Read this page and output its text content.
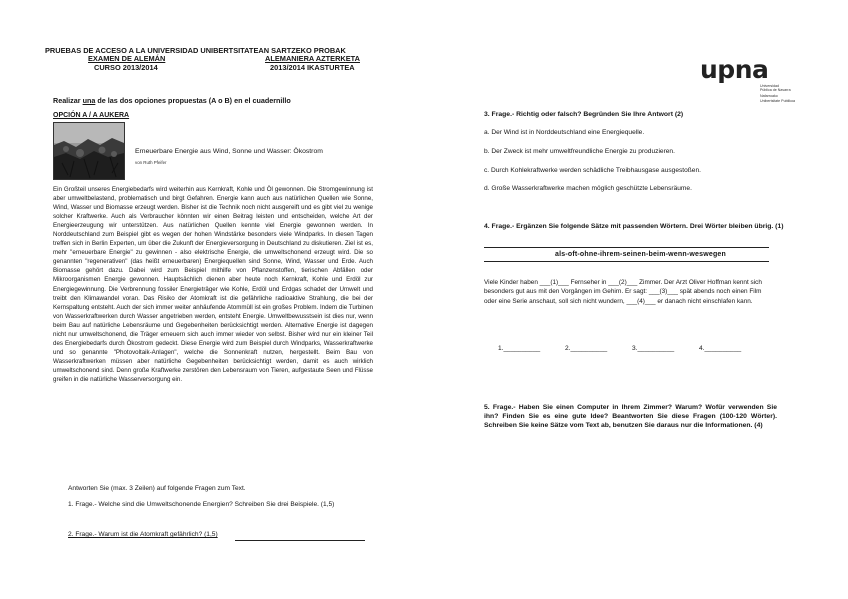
PRUEBAS DE ACCESO A LA UNIVERSIDAD UNIBERTSITATEAN SARTZEKO PROBAK
EXAMEN DE ALEMÁN	ALEMANIERA AZTERKETA
CURSO 2013/2014	2013/2014 IKASTURTEA	upna
Universidad
Pública de Navarra
Nafarroako
Unibertsitate Publikoa
Realizar una de las dos opciones propuestas (A o B) en el cuadernillo
OPCIÓN A / A AUKERA
Erneuerbare Energie aus Wind, Sonne und Wasser: Ökostrom
von Ruth Pfeifer
Ein Großteil unseres Energiebedarfs wird weiterhin aus Kernkraft, Kohle und Öl gewonnen. Die Stromgewinnung ist aber umweltbelastend, problematisch und birgt Gefahren. Energie kann auch aus natürlichen Quellen wie Sonne, Wind, Wasser und Biomasse erzeugt werden. Bisher ist die Technik noch nicht ausgereift und es gibt viel zu wenige solcher Kraftwerke. Auch als Verbraucher könnten wir einen Beitrag leisten und entscheiden, welche Art der Energieerzeugung wir unterstützen. Aus natürlichen Quellen kennte viel Energie gewonnen werden. In Norddeutschland zum Beispiel gibt es wegen der hohen Windstärke besonders viele Windparks. In diesen Tagen treffen sich in Berlin Experten, um über die Zukunft der Energieversorgung in Deutschland zu diskutieren. Ziel ist es, mehr "erneuerbare Energie" zu gewinnen - also elektrische Energie, die umweltschonend erzeugt wird. Die so genannten "regenerativen" (das heißt erneuerbaren) Energiequellen sind Sonne, Wind, Wasser und Erde. Auch Biomasse gehört dazu. Dabei wird zum Beispiel mithilfe von Pflanzenstoffen, tierischen Abfällen oder Mikroorganismen Energie gewonnen. Hauptsächlich dienen aber heute noch Kernkraft, Kohle und Erdöl zur Energiegewinnung. Die Verbrennung fossiler Energieträger wie Kohle, Erdöl und Erdgas schadet der Umwelt und treibt den Klimawandel voran. Das Risiko der Atomkraft ist die gefährliche radioaktive Strahlung, die bei der Kernspaltung entsteht. Auch der sich immer weiter anhäufende Atommüll ist ein großes Problem. Indem die Turbinen von Wasserkraftwerken durch Wasser angetrieben werden, entsteht Energie. Umweltbewusstsein ist dies nur, wenn beim Bau auf natürliche Lebensräume und Gegebenheiten berücksichtigt werden. Alternative Energie ist dagegen nicht nur umweltschonend, die Träger erneuern sich auch immer wieder von selbst. Bisher wird nur ein kleiner Teil des Energiebedarfs durch Ökostrom gedeckt. Diese Energie wird zum Beispiel durch Windparks, Wasserkraftwerke und so genannte "Photovoltaik-Anlagen", welche die Sonnenkraft nutzen, hergestellt. Beim Bau von Wasserkraftwerken müssen aber natürliche Gegebenheiten berücksichtigt werden, damit es auch wirklich umweltschonend sind. Denn große Kraftwerke zerstören den Lebensraum von Tieren, aufgestaute Seen und Flüsse greifen in die natürliche Wasserversorgung ein.
Antworten Sie (max. 3 Zeilen) auf folgende Fragen zum Text.
1. Frage.- Welche sind die Umweltschonende Energien? Schreiben Sie drei Beispiele. (1,5)
2. Frage.- Warum ist die Atomkraft gefährlich? (1,5)
3. Frage.- Richtig oder falsch? Begründen Sie Ihre Antwort (2)
a. Der Wind ist in Norddeutschland eine Energiequelle.
b. Der Zweck ist mehr umweltfreundliche Energie zu produzieren.
c. Durch Kohlekraftwerke werden schädliche Treibhausgase ausgestoßen.
d. Große Wasserkraftwerke machen möglich geschützte Lebensräume.
4. Frage.- Ergänzen Sie folgende Sätze mit passenden Wörtern. Drei Wörter bleiben übrig. (1)
als-oft-ohne-ihrem-seinen-beim-wenn-weswegen
Viele Kinder haben ___(1)___ Fernseher in ___(2)___ Zimmer. Der Arzt Oliver Hoffman kennt sich besonders gut aus mit den Vorgängen im Gehirn. Er sagt: ___(3)___ spät abends noch einen Film oder eine Serie anschaut, soll sich nicht wundern, ___(4)___ er danach nicht einschlafen kann.
1.__________	2.__________	3.__________	4.__________
5. Frage.- Haben Sie einen Computer in Ihrem Zimmer? Warum? Wofür verwenden Sie ihn? Finden Sie es eine gute Idee? Beantworten Sie diese Fragen (100-120 Wörter). Schreiben Sie keine Sätze vom Text ab, benutzen Sie daraus nur die Informationen. (4)
